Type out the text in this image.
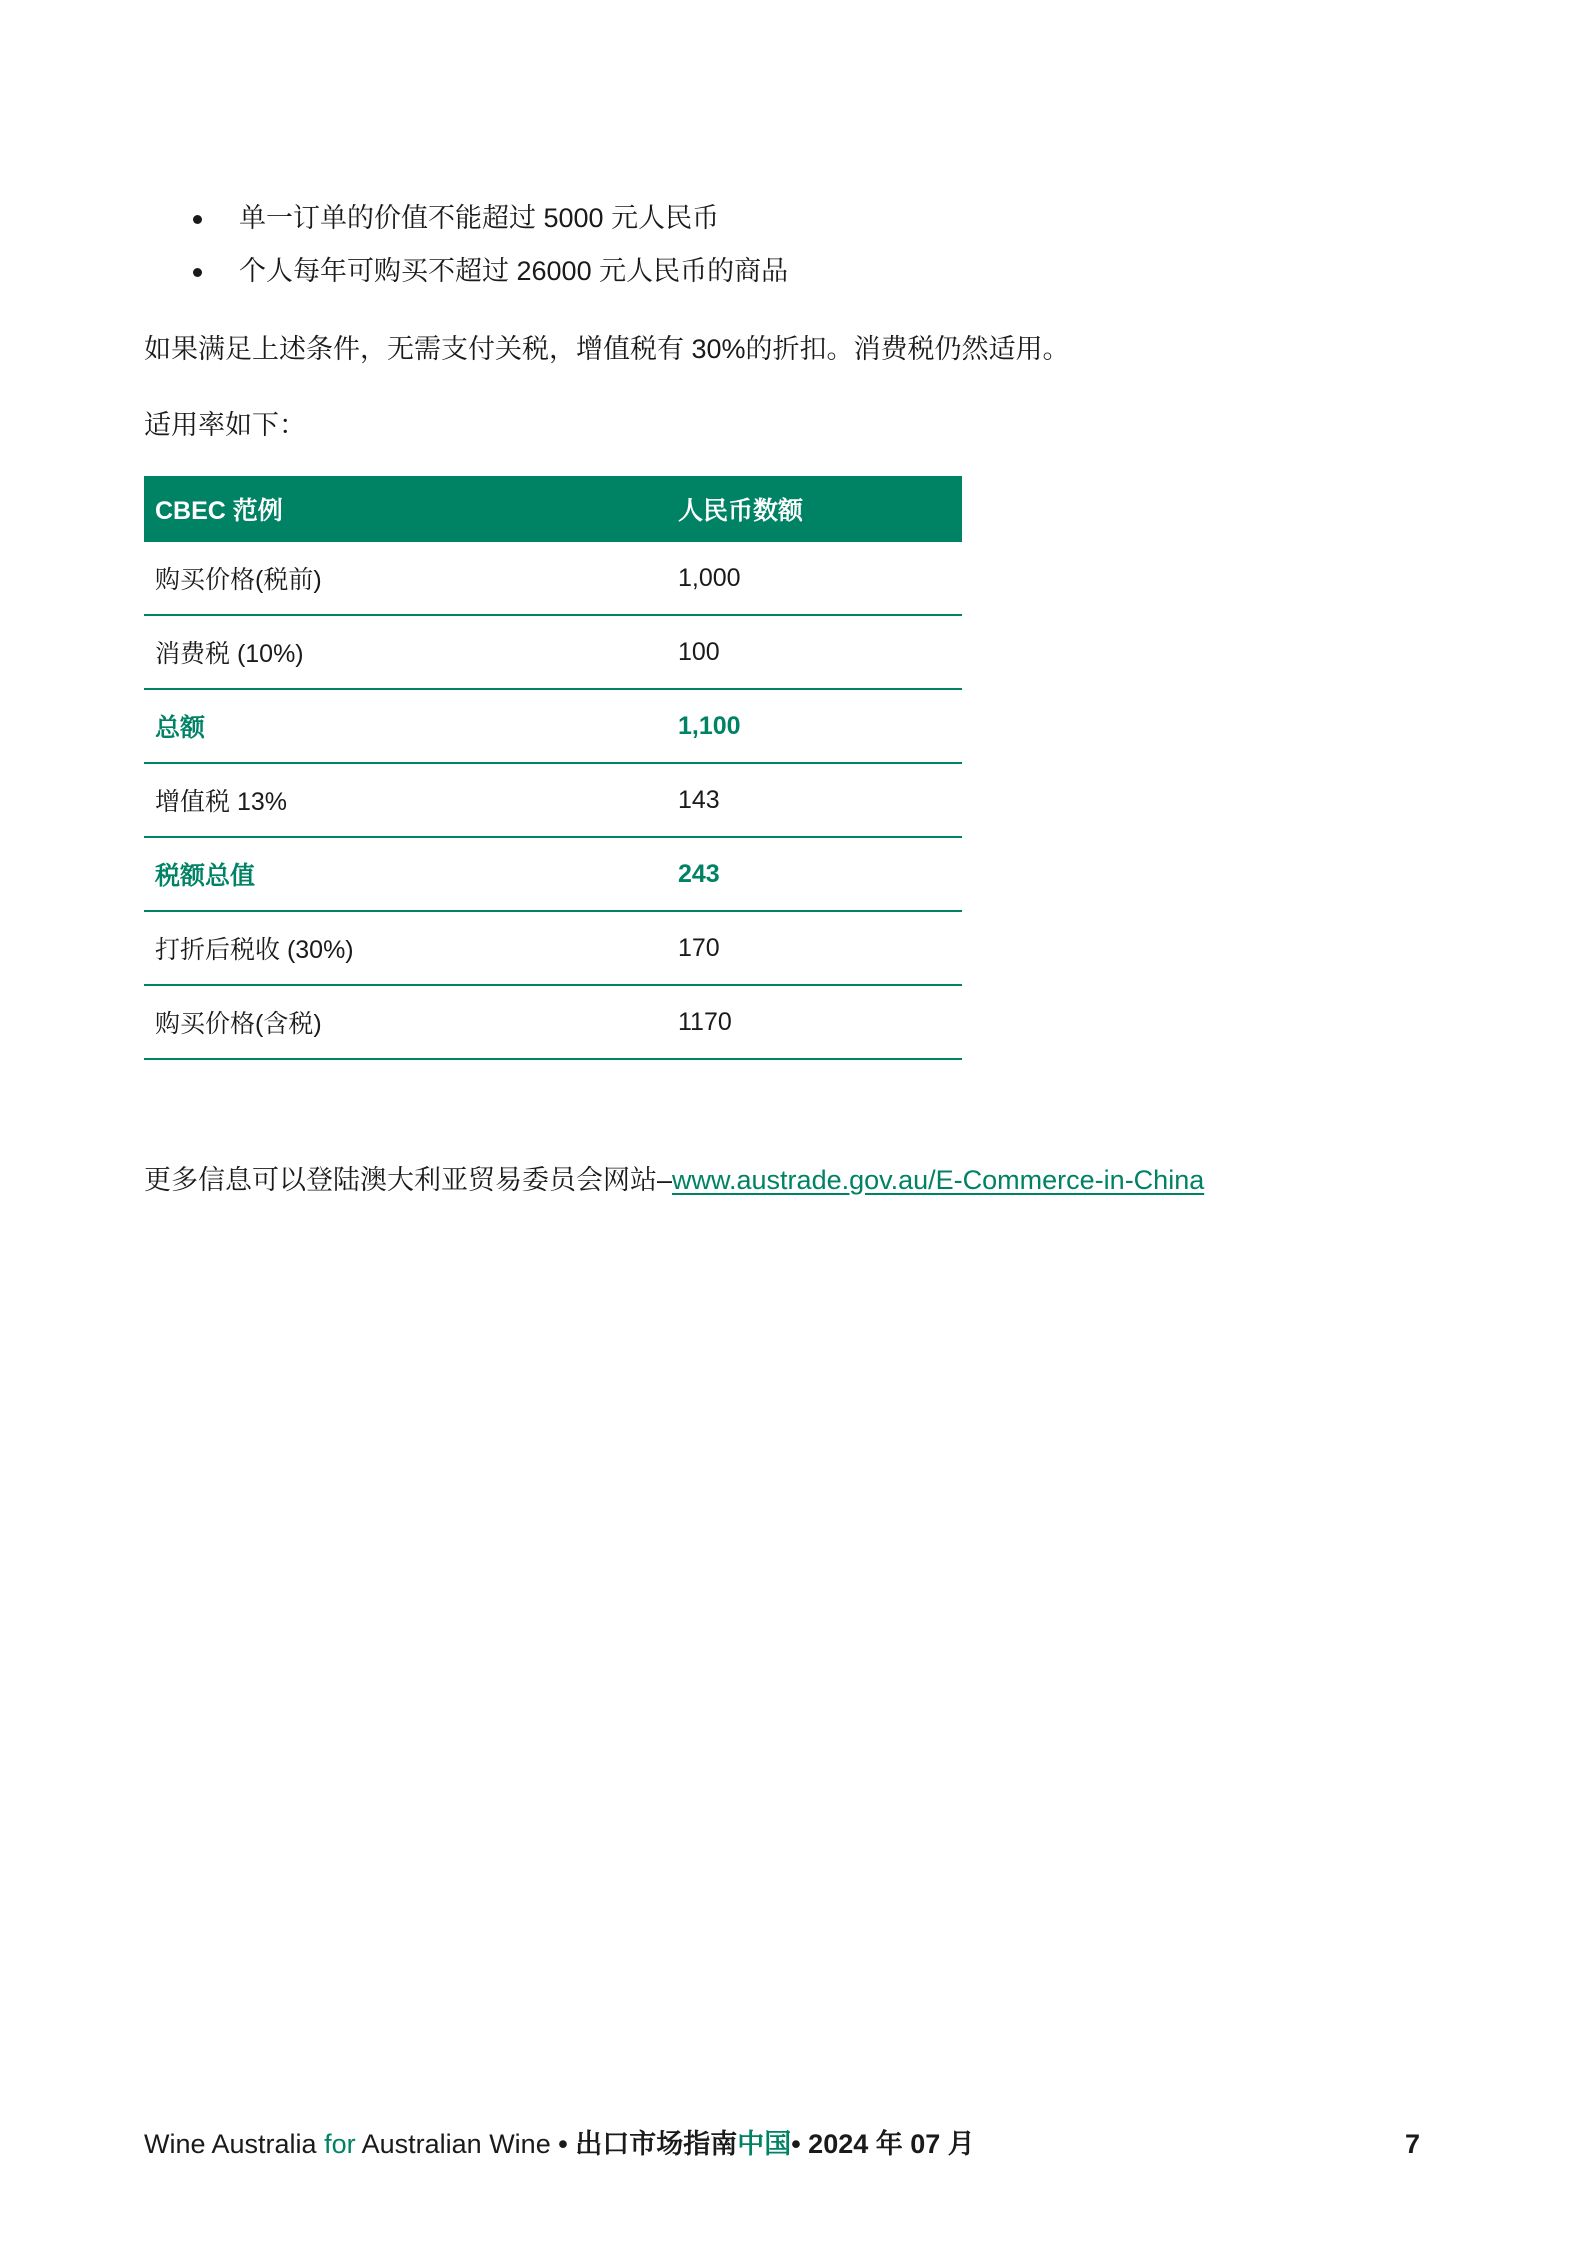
单一订单的价值不能超过 5000 元人民币
个人每年可购买不超过 26000 元人民币的商品
如果满足上述条件，无需支付关税，增值税有 30%的折扣。消费税仍然适用。
适用率如下：
CBEC 范例	人民币数额
购买价格(税前)	1,000
消费税 (10%)	100
总额	1,100
增值税 13%	143
税额总值	243
打折后税收 (30%)	170
购买价格(含税)	1170
更多信息可以登陆澳大利亚贸易委员会网站–www.austrade.gov.au/E-Commerce-in-China
Wine Australia for Australian Wine • 出口市场指南中国• 2024 年 07 月	7
